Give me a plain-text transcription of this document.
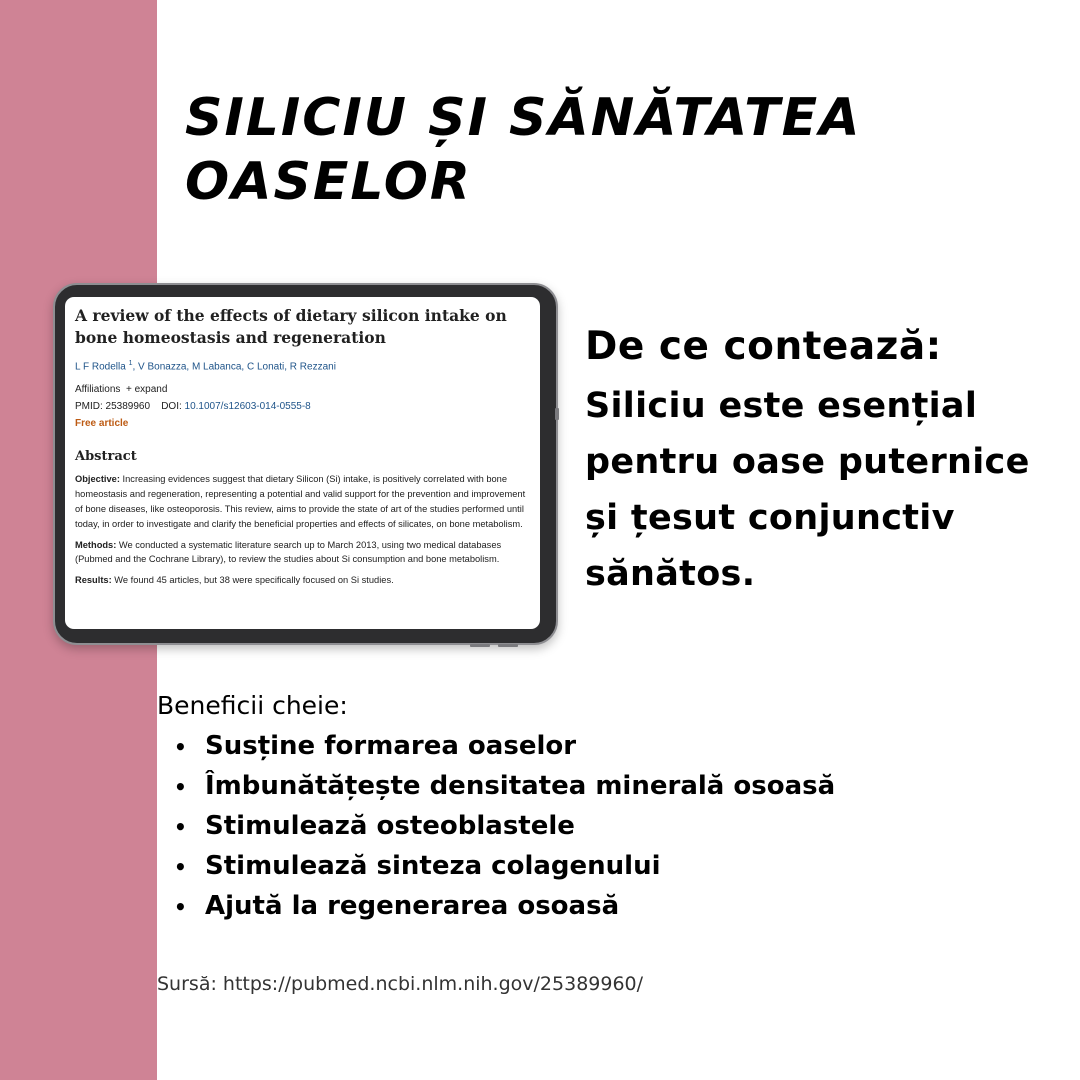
SILICIU ȘI SĂNĂTATEA
OASELOR
A review of the effects of dietary silicon intake on bone homeostasis and regeneration
L F Rodella $^1$, V Bonazza, M Labanca, C Lonati, R Rezzani
Affiliations + expand
PMID: 25389960 DOI: 10.1007/s12603-014-0555-8
Free article
Abstract

Objective: Increasing evidences suggest that dietary Silicon (Si) intake, is positively correlated with bone homeostasis and regeneration, representing a potential and valid support for the prevention and improvement of bone diseases, like osteoporosis. This review, aims to provide the state of art of the studies performed until today, in order to investigate and clarify the beneficial properties and effects of silicates, on bone metabolism.

Methods: We conducted a systematic literature search up to March 2013, using two medical databases (Pubmed and the Cochrane Library), to review the studies about Si consumption and bone metabolism.

Results: We found 45 articles, but 38 were specifically focused on Si studies.

De ce contează:

Siliciu este esențial pentru oase puternice și țesut conjunctiv sănătos.

Beneficii cheie:
• Susține formarea oaselor
• Îmbunătățește densitatea minerală osoasă
• Stimulează osteoblastele
• Stimulează sinteza colagenului
• Ajută la regenerarea osoasă

Sursă: https://pubmed.ncbi.nlm.nih.gov/25389960/
